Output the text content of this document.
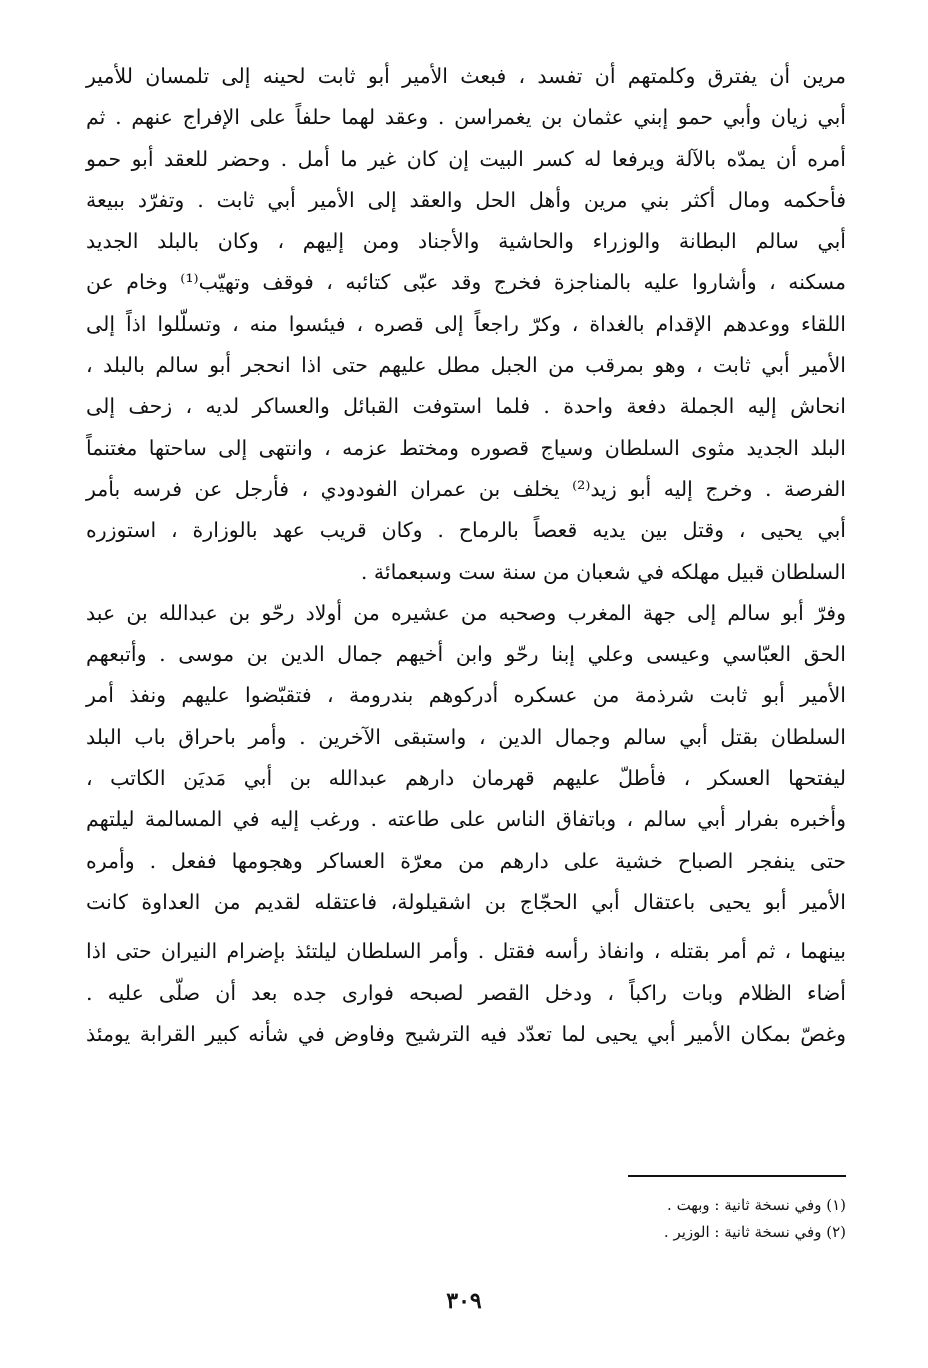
مرين أن يفترق وكلمتهم أن تفسد ، فبعث الأمير أبو ثابت لحينه إلى تلمسان للأمير
أبي زيان وأبي حمو إبني عثمان بن يغمراسن . وعقد لهما حلفاً على الإفراج عنهم . ثم
أمره أن يمدّه بالآلة ويرفعا له كسر البيت إن كان غير ما أمل . وحضر للعقد أبو حمو
فأحكمه ومال أكثر بني مرين وأهل الحل والعقد إلى الأمير أبي ثابت . وتفرّد ببيعة
أبي سالم البطانة والوزراء والحاشية والأجناد ومن إليهم ، وكان بالبلد الجديد
مسكنه ، وأشاروا عليه بالمناجزة فخرج وقد عبّى كتائبه ، فوقف وتهيّب⁽¹⁾ وخام عن
اللقاء ووعدهم الإقدام بالغداة ، وكرّ راجعاً إلى قصره ، فيئسوا منه ، وتسلّلوا اذاً إلى
الأمير أبي ثابت ، وهو بمرقب من الجبل مطل عليهم حتى اذا انحجر أبو سالم بالبلد ،
انحاش إليه الجملة دفعة واحدة . فلما استوفت القبائل والعساكر لديه ، زحف إلى
البلد الجديد مثوى السلطان وسياج قصوره ومختط عزمه ، وانتهى إلى ساحتها مغتنماً
الفرصة . وخرج إليه أبو زيد⁽²⁾ يخلف بن عمران الفودودي ، فأرجل عن فرسه بأمر
أبي يحيى ، وقتل بين يديه قعصاً بالرماح . وكان قريب عهد بالوزارة ، استوزره
السلطان قبيل مهلكه في شعبان من سنة ست وسبعمائة .
وفرّ أبو سالم إلى جهة المغرب وصحبه من عشيره من أولاد رحّو بن عبدالله بن عبد
الحق العبّاسي وعيسى وعلي إبنا رحّو وابن أخيهم جمال الدين بن موسى . وأتبعهم
الأمير أبو ثابت شرذمة من عسكره أدركوهم بندرومة ، فتقبّضوا عليهم ونفذ أمر
السلطان بقتل أبي سالم وجمال الدين ، واستبقى الآخرين . وأمر باحراق باب البلد
ليفتحها العسكر ، فأطلّ عليهم قهرمان دارهم عبدالله بن أبي مَديَن الكاتب ،
وأخبره بفرار أبي سالم ، وباتفاق الناس على طاعته . ورغب إليه في المسالمة ليلتهم
حتى ينفجر الصباح خشية على دارهم من معرّة العساكر وهجومها ففعل . وأمره
الأمير أبو يحيى باعتقال أبي الحجّاج بن اشقيلولة، فاعتقله لقديم من العداوة كانت
بينهما ، ثم أمر بقتله ، وانفاذ رأسه فقتل . وأمر السلطان ليلتئذ بإضرام النيران حتى اذا
أضاء الظلام وبات راكباً ، ودخل القصر لصبحه فوارى جده بعد أن صلّى عليه .
وغصّ بمكان الأمير أبي يحيى لما تعدّد فيه الترشيح وفاوض في شأنه كبير القرابة يومئذ
(١) وفي نسخة ثانية : وبهت .
(٢) وفي نسخة ثانية : الوزير .
٣٠٩
